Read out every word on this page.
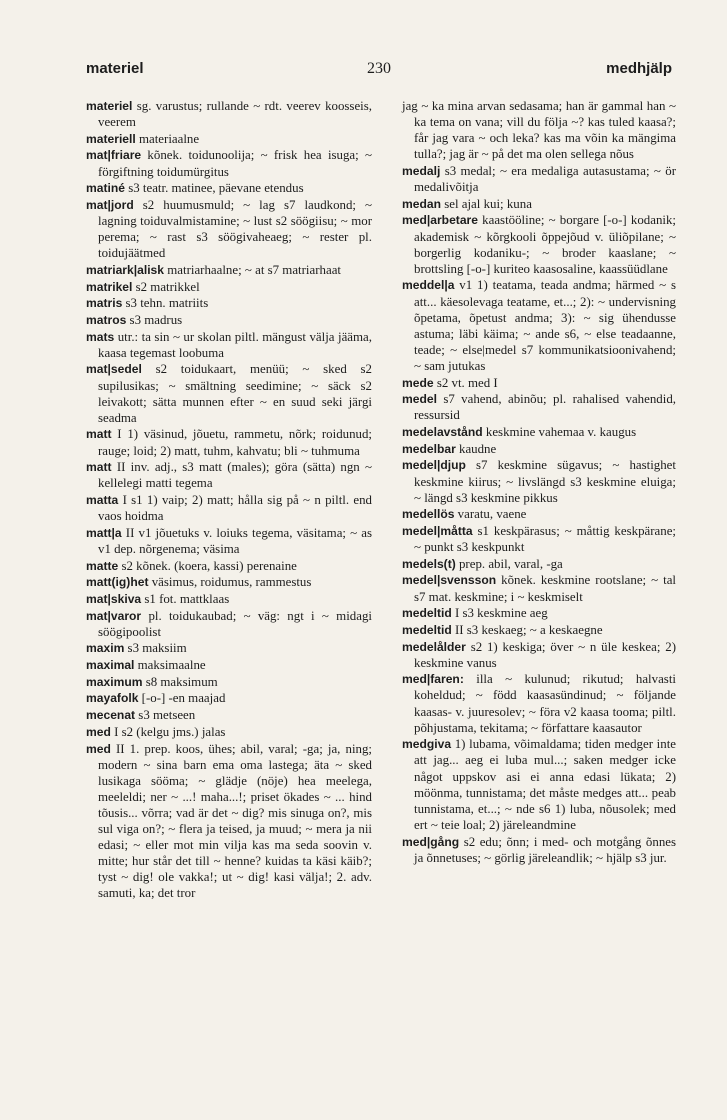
materiel	230	medhjälp

materiel sg. varustus; rullande ~ rdt. veerev koosseis, veerem

materiell materiaalne

mat|friare kõnek. toidunoolija; ~ frisk hea isuga; ~ förgiftning toidumürgitus

matiné s3 teatr. matinee, päevane etendus

mat|jord s2 huumusmuld; ~ lag s7 laudkond; ~ lagning toiduvalmistamine; ~ lust s2 söögiisu; ~ mor perema; ~ rast s3 söögivaheaeg; ~ rester pl. toidujäätmed

matriark|alisk matriarhaalne; ~ at s7 matriarhaat

matrikel s2 matrikkel

matris s3 tehn. matriits

matros s3 madrus

mats utr.: ta sin ~ ur skolan piltl. mängust välja jääma, kaasa tegemast loobuma

mat|sedel s2 toidukaart, menüü; ~ sked s2 supilusikas; ~ smältning seedimine; ~ säck s2 leivakott; sätta munnen efter ~ en suud seki järgi seadma

matt I 1) väsinud, jõuetu, rammetu, nõrk; roidunud; rauge; loid; 2) matt, tuhm, kahvatu; bli ~ tuhmuma

matt II inv. adj., s3 matt (males); göra (sätta) ngn ~ kellelegi matti tegema

matta I s1 1) vaip; 2) matt; hålla sig på ~ n piltl. end vaos hoidma

matt|a II v1 jõuetuks v. loiuks tegema, väsitama; ~ as v1 dep. nõrgenema; väsima

matte s2 kõnek. (koera, kassi) perenaine

matt(ig)het väsimus, roidumus, rammestus

mat|skiva s1 fot. mattklaas

mat|varor pl. toidukaubad; ~ väg: ngt i ~ midagi söögipoolist

maxim s3 maksiim

maximal maksimaalne

maximum s8 maksimum

mayafolk [-o-] -en maajad

mecenat s3 metseen

med I s2 (kelgu jms.) jalas

med II 1. prep. koos, ühes; abil, varal; -ga; ja, ning; modern ~ sina barn ema oma lastega; äta ~ sked lusikaga sööma; ~ glädje (nöje) hea meelega, meeleldi; ner ~ ...! maha...!; priset ökades ~ ... hind tõusis... võrra; vad är det ~ dig? mis sinuga on?, mis sul viga on?; ~ flera ja teised, ja muud; ~ mera ja nii edasi; ~ eller mot min vilja kas ma seda soovin v. mitte; hur står det till ~ henne? kuidas ta käsi käib?; tyst ~ dig! ole vakka!; ut ~ dig! kasi välja!; 2. adv. samuti, ka; det tror

jag ~ ka mina arvan sedasama; han är gammal han ~ ka tema on vana; vill du följa ~? kas tuled kaasa?; får jag vara ~ och leka? kas ma võin ka mängima tulla?; jag är ~ på det ma olen sellega nõus

medalj s3 medal; ~ era medaliga autasustama; ~ ör medalivõitja

medan sel ajal kui; kuna

med|arbetare kaastööline; ~ borgare [-o-] kodanik; akademisk ~ kõrgkooli õppejõud v. üliõpilane; ~ borgerlig kodaniku-; ~ broder kaaslane; ~ brottsling [-o-] kuriteo kaasosaline, kaassüüdlane

meddel|a v1 1) teatama, teada andma; härmed ~ s att... käesolevaga teatame, et...; 2): ~ undervisning õpetama, õpetust andma; 3): ~ sig ühendusse astuma; läbi käima; ~ ande s6, ~ else teadaanne, teade; ~ else|medel s7 kommunikatsioonivahend; ~ sam jutukas

mede s2 vt. med I

medel s7 vahend, abinõu; pl. rahalised vahendid, ressursid

medelavstånd keskmine vahemaa v. kaugus

medelbar kaudne

medel|djup s7 keskmine sügavus; ~ hastighet keskmine kiirus; ~ livslängd s3 keskmine eluiga; ~ längd s3 keskmine pikkus

medellös varatu, vaene

medel|måtta s1 keskpärasus; ~ måttig keskpärane; ~ punkt s3 keskpunkt

medels(t) prep. abil, varal, -ga

medel|svensson kõnek. keskmine rootslane; ~ tal s7 mat. keskmine; i ~ keskmiselt

medeltid I s3 keskmine aeg

medeltid II s3 keskaeg; ~ a keskaegne

medelålder s2 1) keskiga; över ~ n üle keskea; 2) keskmine vanus

med|faren: illa ~ kulunud; rikutud; halvasti koheldud; ~ född kaasasündinud; ~ följande kaasas- v. juuresolev; ~ föra v2 kaasa tooma; piltl. põhjustama, tekitama; ~ författare kaasautor

medgiva 1) lubama, võimaldama; tiden medger inte att jag... aeg ei luba mul...; saken medger icke något uppskov asi ei anna edasi lükata; 2) möönma, tunnistama; det måste medges att... peab tunnistama, et...; ~ nde s6 1) luba, nõusolek; med ert ~ teie loal; 2) järeleandmine

med|gång s2 edu; õnn; i med- och motgång õnnes ja õnnetuses; ~ görlig järeleandlik; ~ hjälp s3 jur.
